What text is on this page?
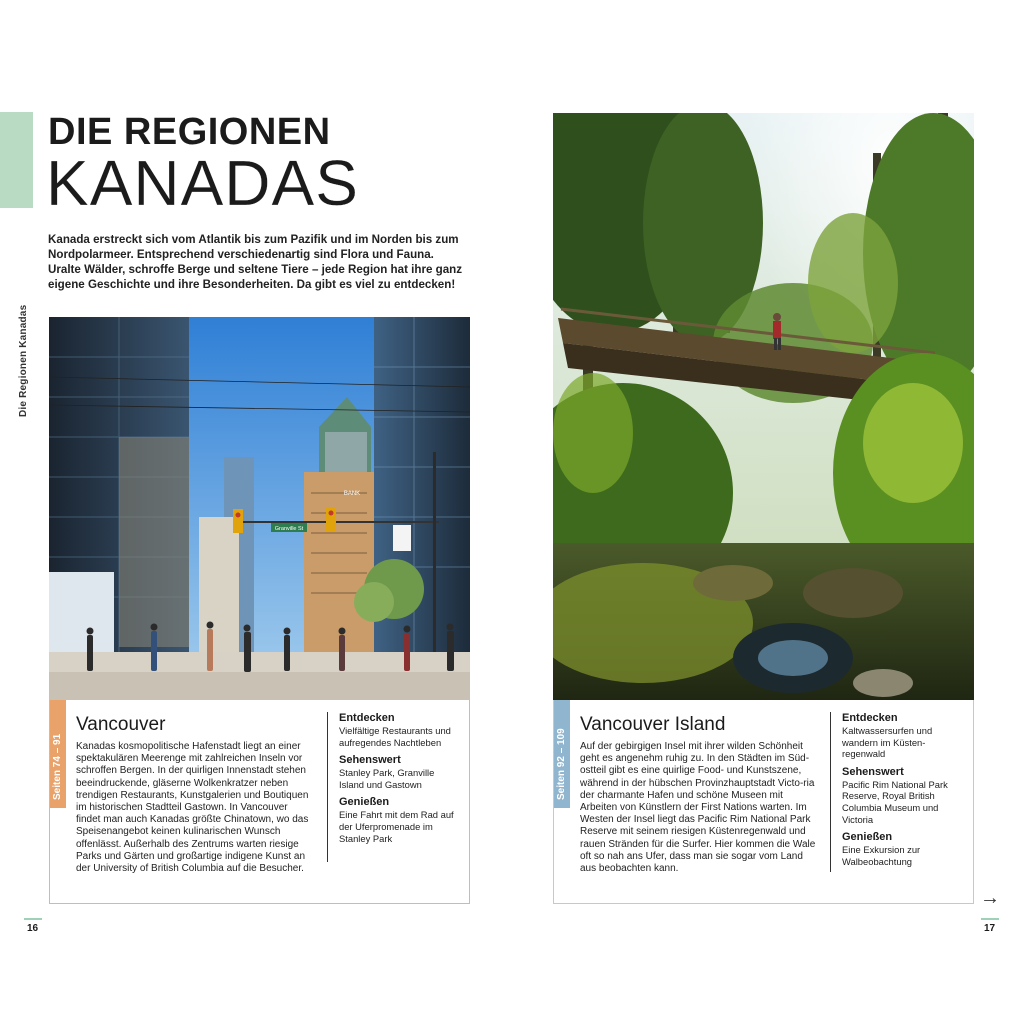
Die Regionen Kanadas
DIE REGIONEN
KANADAS
Kanada erstreckt sich vom Atlantik bis zum Pazifik und im Norden bis zum Nordpolarmeer. Entsprechend verschiedenartig sind Flora und Fauna. Uralte Wälder, schroffe Berge und seltene Tiere – jede Region hat ihre ganz eigene Geschichte und ihre Besonderheiten. Da gibt es viel zu entdecken!
Granville St
BANK
Seiten 74 – 91
Vancouver
Kanadas kosmopolitische Hafenstadt liegt an einer spektakulären Meerenge mit zahlreichen Inseln vor schroffen Bergen. In der quirligen Innenstadt stehen beeindruckende, gläserne Wolkenkratzer neben trendigen Restaurants, Kunstgalerien und Boutiquen im historischen Stadtteil Gastown. In Vancouver findet man auch Kanadas größte Chinatown, wo das Speisenangebot keinen kulinarischen Wunsch offenlässt. Außerhalb des Zentrums warten riesige Parks und Gärten und großartige indigene Kunst an der University of British Columbia auf die Besucher.
Entdecken
Vielfältige Restaurants und aufregendes Nachtleben
Sehenswert
Stanley Park, Granville Island und Gastown
Genießen
Eine Fahrt mit dem Rad auf der Uferpromenade im Stanley Park
16
Seiten 92 – 109
Vancouver Island
Auf der gebirgigen Insel mit ihrer wilden Schönheit geht es angenehm ruhig zu. In den Städten im Süd-ostteil gibt es eine quirlige Food- und Kunstszene, während in der hübschen Provinzhauptstadt Victo-ria der charmante Hafen und schöne Museen mit Arbeiten von Künstlern der First Nations warten. Im Westen der Insel liegt das Pacific Rim National Park Reserve mit seinem riesigen Küstenregenwald und rauen Stränden für die Surfer. Hier kommen die Wale oft so nah ans Ufer, dass man sie sogar vom Land aus beobachten kann.
Entdecken
Kaltwassersurfen und wandern im Küsten-regenwald
Sehenswert
Pacific Rim National Park Reserve, Royal British Columbia Museum und Victoria
Genießen
Eine Exkursion zur Walbeobachtung
→
17
